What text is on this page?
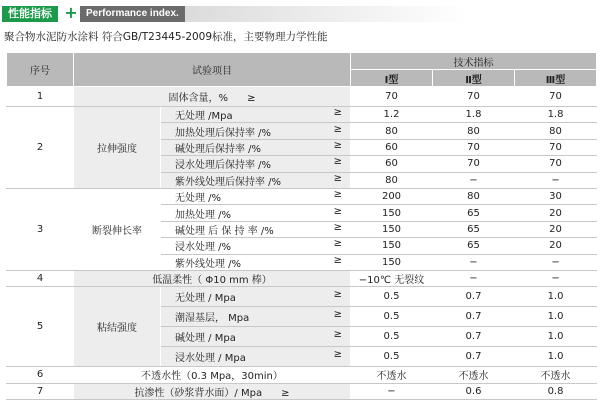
性能指标 + Performance index.
聚合物水泥防水涂料 符合GB/T23445-2009标准，主要物理力学性能
序号	试验项目		技术指标		
			Ⅰ型	Ⅱ型	Ⅲ型
1	固体含量，% ≥		70	70	70
2	拉伸强度	无处理 /Mpa ≥	1.2	1.8	1.8
		加热处理后保持率 /% ≥	80	80	80
		碱处理后保持率 /% ≥	60	70	70
		浸水处理后保持率 /% ≥	60	70	70
		紫外线处理后保持率 /% ≥	80	−	−
3	断裂伸长率	无处理 /% ≥	200	80	30
		加热处理 /% ≥	150	65	20
		碱处理 后 保 持 率 /% ≥	150	65	20
		浸水处理 /% ≥	150	65	20
		紫外线处理 /% ≥	150	−	−
4	低温柔性（ Φ10 mm 棒）		−10℃ 无裂纹	−	−
5	粘结强度	无处理 / Mpa ≥	0.5	0.7	1.0
		潮湿基层， Mpa ≥	0.5	0.7	1.0
		碱处理 / Mpa ≥	0.5	0.7	1.0
		浸水处理 / Mpa ≥	0.5	0.7	1.0
6	不透水性（0.3 Mpa，30min）		不透水	不透水	不透水
7	抗渗性（砂浆背水面）/ Mpa ≥		−	0.6	0.8
